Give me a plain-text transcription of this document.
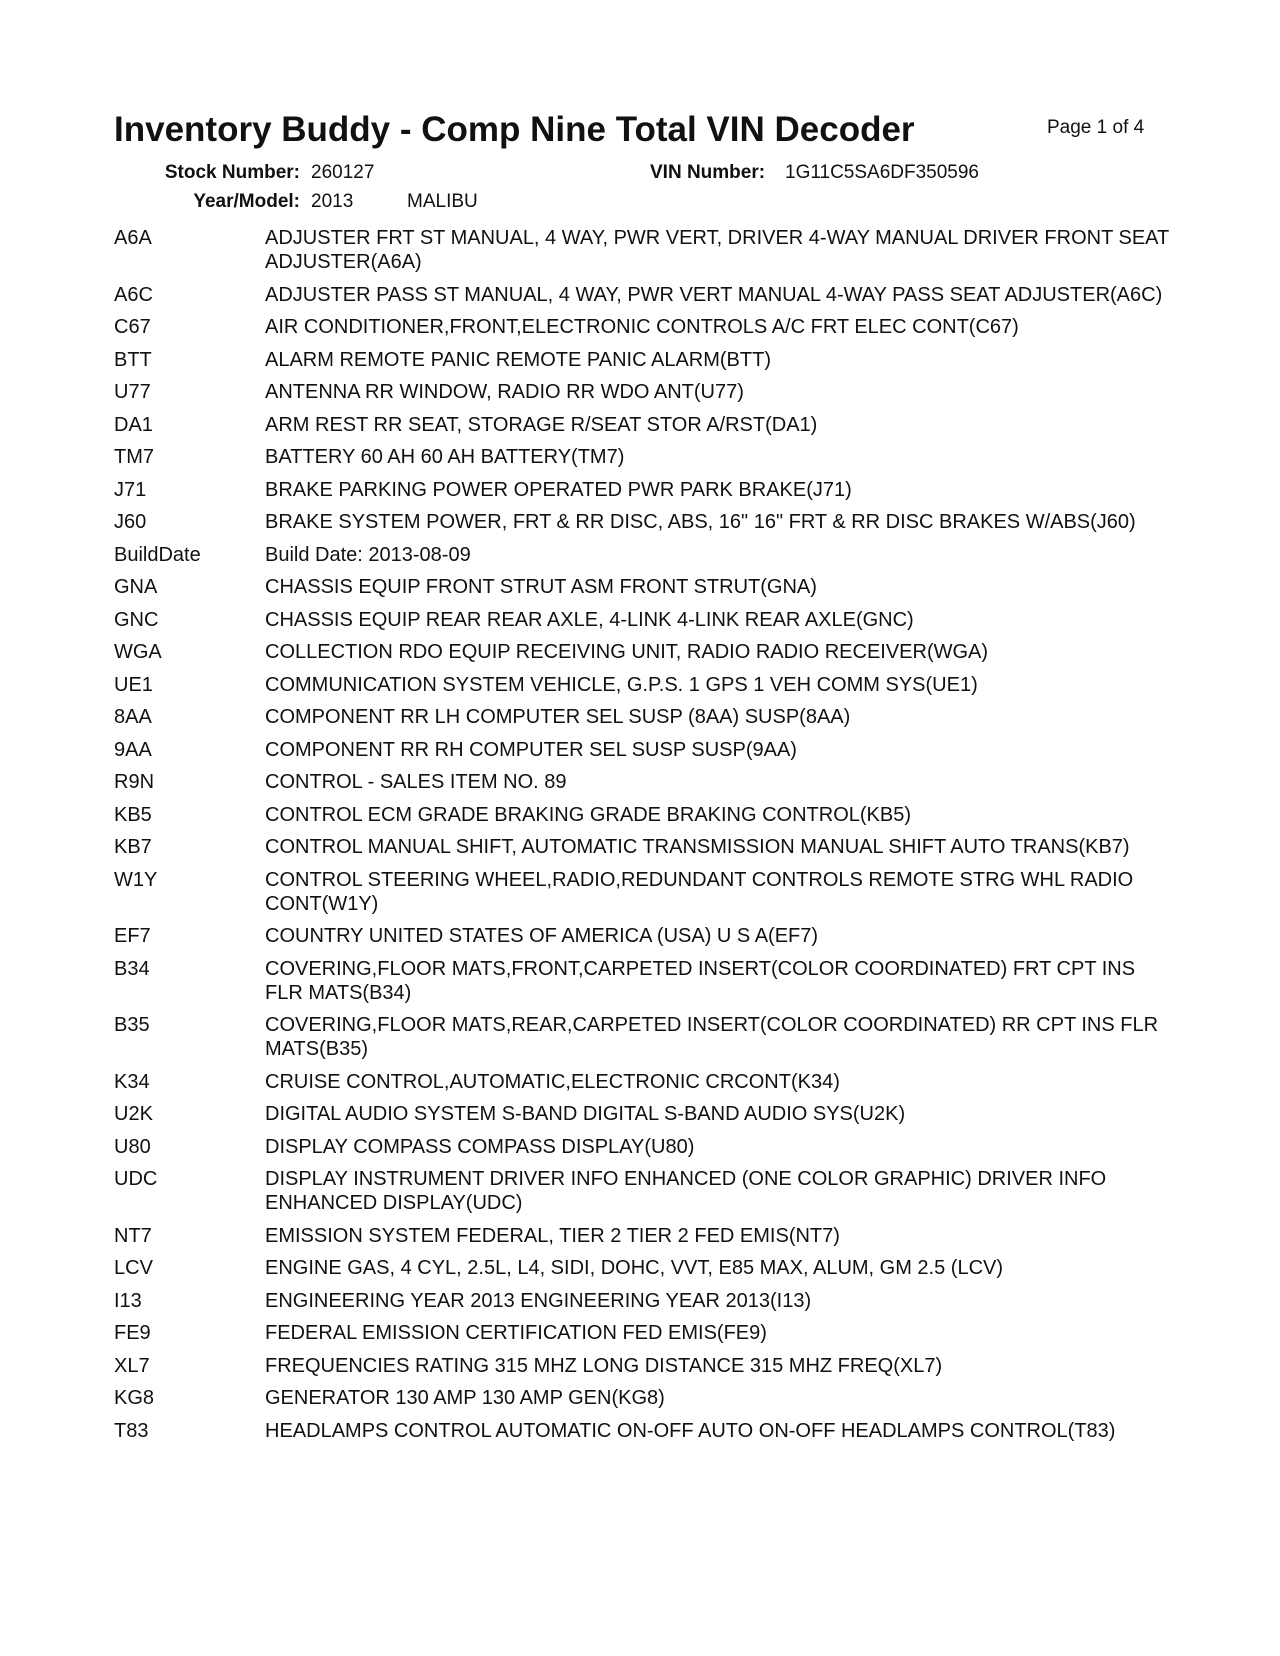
Inventory Buddy - Comp Nine Total VIN Decoder	Page 1 of 4
Stock Number: 260127
Year/Model: 2013	MALIBU
VIN Number: 1G11C5SA6DF350596
A6A	ADJUSTER FRT ST MANUAL, 4 WAY, PWR VERT, DRIVER 4-WAY MANUAL DRIVER FRONT SEAT ADJUSTER(A6A)
A6C	ADJUSTER PASS ST MANUAL, 4 WAY, PWR VERT MANUAL 4-WAY PASS SEAT ADJUSTER(A6C)
C67	AIR CONDITIONER,FRONT,ELECTRONIC CONTROLS A/C FRT ELEC CONT(C67)
BTT	ALARM REMOTE PANIC REMOTE PANIC ALARM(BTT)
U77	ANTENNA RR WINDOW, RADIO RR WDO ANT(U77)
DA1	ARM REST RR SEAT, STORAGE R/SEAT STOR A/RST(DA1)
TM7	BATTERY 60 AH 60 AH BATTERY(TM7)
J71	BRAKE PARKING POWER OPERATED PWR PARK BRAKE(J71)
J60	BRAKE SYSTEM POWER, FRT & RR DISC, ABS, 16" 16" FRT & RR DISC BRAKES W/ABS(J60)
BuildDate	Build Date: 2013-08-09
GNA	CHASSIS EQUIP FRONT STRUT ASM FRONT STRUT(GNA)
GNC	CHASSIS EQUIP REAR REAR AXLE, 4-LINK 4-LINK REAR AXLE(GNC)
WGA	COLLECTION RDO EQUIP RECEIVING UNIT, RADIO RADIO RECEIVER(WGA)
UE1	COMMUNICATION SYSTEM VEHICLE, G.P.S. 1 GPS 1 VEH COMM SYS(UE1)
8AA	COMPONENT RR LH COMPUTER SEL SUSP (8AA) SUSP(8AA)
9AA	COMPONENT RR RH COMPUTER SEL SUSP SUSP(9AA)
R9N	CONTROL - SALES ITEM NO. 89
KB5	CONTROL ECM GRADE BRAKING GRADE BRAKING CONTROL(KB5)
KB7	CONTROL MANUAL SHIFT, AUTOMATIC TRANSMISSION MANUAL SHIFT AUTO TRANS(KB7)
W1Y	CONTROL STEERING WHEEL,RADIO,REDUNDANT CONTROLS REMOTE STRG WHL RADIO CONT(W1Y)
EF7	COUNTRY UNITED STATES OF AMERICA (USA) U S A(EF7)
B34	COVERING,FLOOR MATS,FRONT,CARPETED INSERT(COLOR COORDINATED) FRT CPT INS FLR MATS(B34)
B35	COVERING,FLOOR MATS,REAR,CARPETED INSERT(COLOR COORDINATED) RR CPT INS FLR MATS(B35)
K34	CRUISE CONTROL,AUTOMATIC,ELECTRONIC CRCONT(K34)
U2K	DIGITAL AUDIO SYSTEM S-BAND DIGITAL S-BAND AUDIO SYS(U2K)
U80	DISPLAY COMPASS COMPASS DISPLAY(U80)
UDC	DISPLAY INSTRUMENT DRIVER INFO ENHANCED (ONE COLOR GRAPHIC) DRIVER INFO ENHANCED DISPLAY(UDC)
NT7	EMISSION SYSTEM FEDERAL, TIER 2 TIER 2 FED EMIS(NT7)
LCV	ENGINE GAS, 4 CYL, 2.5L, L4, SIDI, DOHC, VVT, E85 MAX, ALUM, GM 2.5 (LCV)
I13	ENGINEERING YEAR 2013 ENGINEERING YEAR 2013(I13)
FE9	FEDERAL EMISSION CERTIFICATION FED EMIS(FE9)
XL7	FREQUENCIES RATING 315 MHZ LONG DISTANCE 315 MHZ FREQ(XL7)
KG8	GENERATOR 130 AMP 130 AMP GEN(KG8)
T83	HEADLAMPS CONTROL AUTOMATIC ON-OFF AUTO ON-OFF HEADLAMPS CONTROL(T83)
